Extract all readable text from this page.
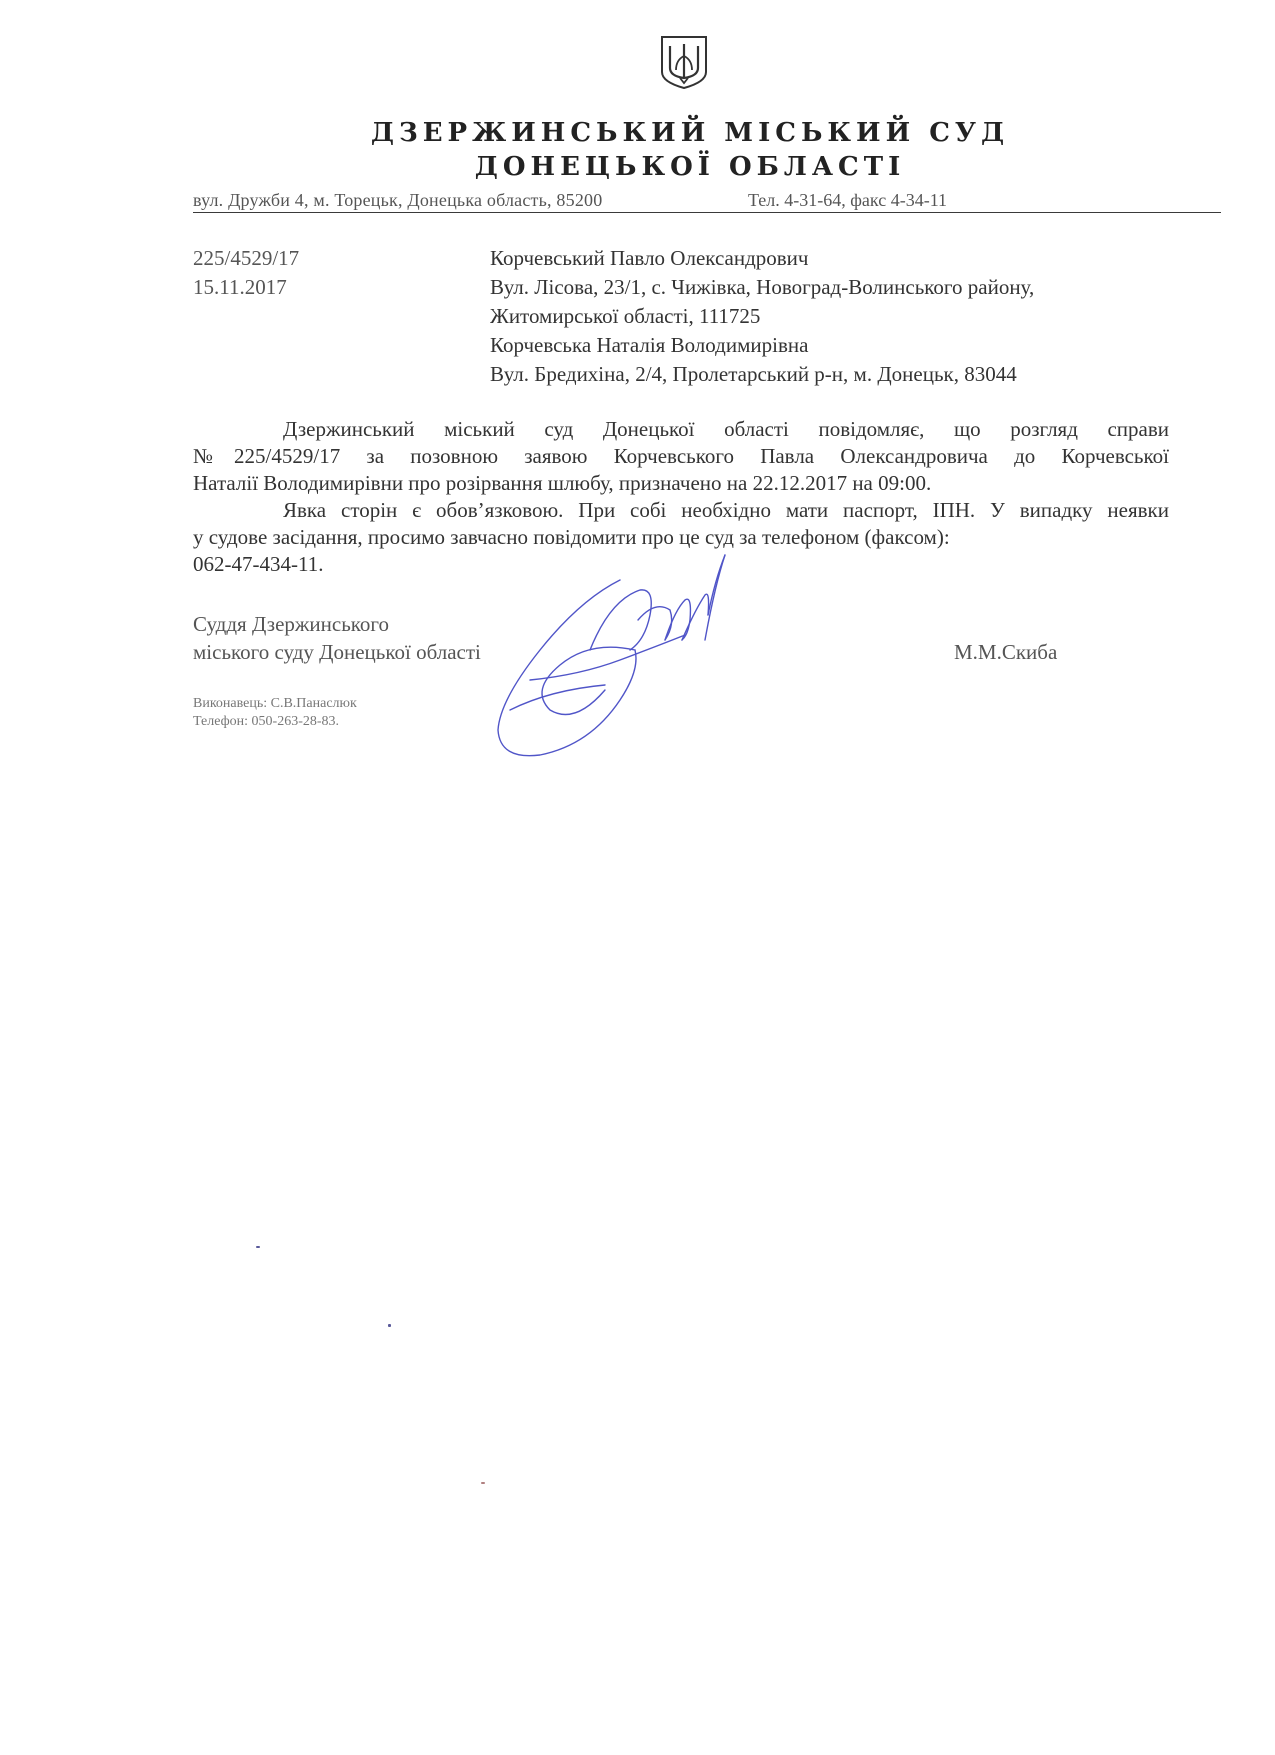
ДЗЕРЖИНСЬКИЙ МІСЬКИЙ СУД
ДОНЕЦЬКОЇ ОБЛАСТІ
вул. Дружби 4, м. Торецьк, Донецька область, 85200	Тел. 4-31-64, факс 4-34-11
225/4529/17
15.11.2017
Корчевський Павло Олександрович
Вул. Лісова, 23/1, с. Чижівка, Новоград-Волинського району,
Житомирської області, 111725
Корчевська Наталія Володимирівна
Вул. Бредихіна, 2/4, Пролетарський р-н, м. Донецьк, 83044

Дзержинський міський суд Донецької області повідомляє, що розгляд справи

№225/4529/17 за позовною заявою Корчевського Павла Олександровича до Корчевської

Наталії Володимирівни про розірвання шлюбу, призначено на 22.12.2017 на 09:00.

Явка сторін є обов’язковою. При собі необхідно мати паспорт, ІПН. У випадку неявки

у судове засідання, просимо завчасно повідомити про це суд за телефоном (факсом):

062-47-434-11.

Суддя Дзержинського
міського суду Донецької області	М.М.Скиба
Виконавець: С.В.Панаслюк
Телефон: 050-263-28-83.
